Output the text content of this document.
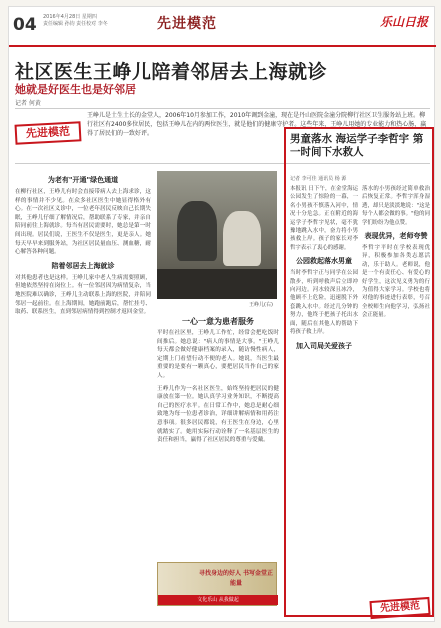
04 2016年4月28日 星期四
责任编辑 孙钧 责任校对 李冬	先进模范	乐山日报
社区医生王峥儿陪着邻居去上海就诊
她就是好医生也是好邻居
记者 何黄
先进模范
王峥儿是土生土长的金堂人，2006年10月参加工作，2010年调到金潼，现在是丹山医院金潼分院柳行社区卫生服务站上班。柳行社区有2400多位居民，包括王峥儿在内的两位医生，就是他们的健康守护者。这些年来，王峥儿用她的专业能力和热心肠，赢得了居民们的一致好评。
为老有"开通"绿色通道
在柳行社区，王峥儿有时会直接带病人去上海求诊，这样的事情并不少见。在众多社区医生中她显得格外有心。在一次社区义诊中，一位老年居民反映自己长期失眠，王峥儿仔细了解情况后，帮助联系了专家，并亲自陪同前往上海就诊。每当有居民需要时，她总是第一时间出现。居民们说，王医生不仅是医生，更是亲人。她每天早早来到服务站，为社区居民量血压、测血糖，耐心解答各种问题。
陪着邻居去上海就诊
对其他患者也是这样。王峥儿家中老人生病需要照顾，但她依然坚持在岗位上。有一位邻居因为病情复杂，当地医院难以确诊，王峥儿主动联系上海的医院，并陪同邻居一起前往。在上海期间，她跑前跑后，帮忙挂号、取药、联系医生，直到邻居病情得到控制才返回金堂。
王峥儿(右)
一心一意为患者服务
平时在社区里，王峥儿工作忙，经常会把吃饭时间推后。她总说："病人的事情是大事。"王峥儿每天都会做好健康档案的录入，随访慢性病人，定期上门看望行动不便的老人。她说，当医生最重要的是要有一颗真心，要把居民当作自己的家人。
王峥儿作为一名社区医生，始终坚持把居民的健康放在第一位。她认真学习业务知识，不断提高自己的医疗水平。在日常工作中，她总是耐心细致地为每一位患者诊治，详细讲解病情和用药注意事项。很多居民都说，有王医生在身边，心里就踏实了。她用实际行动诠释了一名基层医生的责任和担当，赢得了社区居民的尊重与爱戴。
寻找身边的好人 书写金堂正能量
文化乐山 从我做起
男童落水 海运学子李哲宇 第一时间下水救人
记者 李可佳 通讯员 杨 源
本报讯 日下午，在金堂海运公园发生了惊险的一幕，一名小男孩不慎落入河中，情况十分危急。正在附近的海运学子李哲宇见状，毫不犹豫地跳入水中，奋力将小男孩救上岸。孩子的家长对李哲宇表示了衷心的感谢。
公园救起落水男童
当时李哲宇正与同学在公园散步，听到呼救声后立即冲向河边。河水较深且冰冷，他顾不上危险，迅速脱下外套跳入水中。经过几分钟的努力，他终于把孩子托出水面，随后在其他人的帮助下将孩子救上岸。
加入司局关爱孩子
落水的小男孩经过简单救治后恢复正常。李哲宇浑身湿透，却只是淡淡地说："这是每个人都会做的事。"他的同学们纷纷为他点赞。
表现优异，老师夸赞
李哲宇平时在学校表现优异，积极参加各类志愿活动，乐于助人。老师说，他是一个有责任心、有爱心的好学生，这次见义勇为的行为值得大家学习。学校也将对他的事迹进行表彰，号召全校师生向他学习，弘扬社会正能量。
先进模范
